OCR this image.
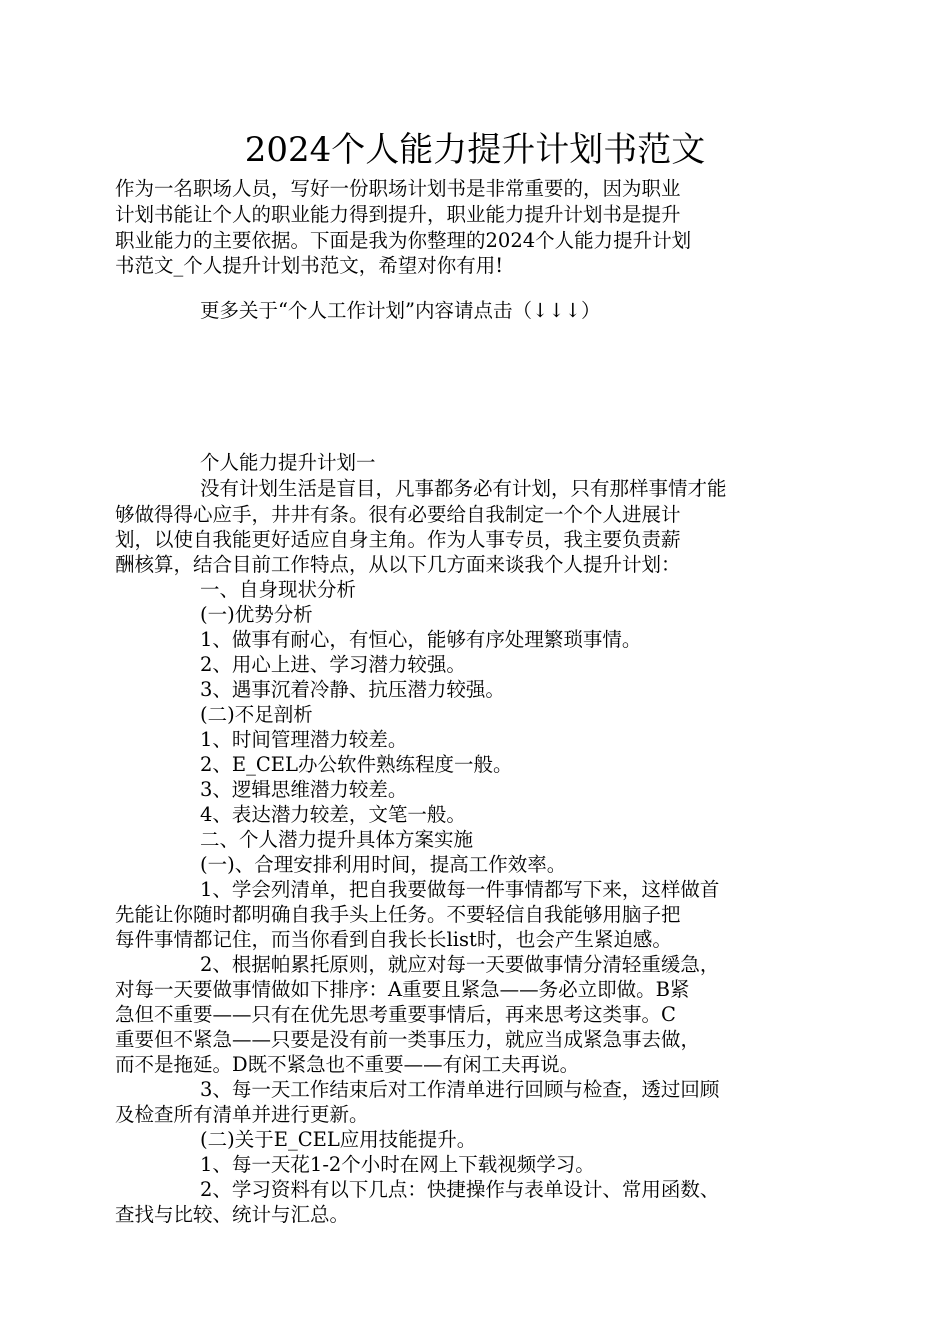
2024个人能力提升计划书范文
作为一名职场人员，写好一份职场计划书是非常重要的，因为职业
计划书能让个人的职业能力得到提升，职业能力提升计划书是提升
职业能力的主要依据。下面是我为你整理的2024个人能力提升计划
书范文_个人提升计划书范文，希望对你有用!
更多关于“个人工作计划”内容请点击（↓↓↓）
个人能力提升计划一
没有计划生活是盲目，凡事都务必有计划，只有那样事情才能
够做得得心应手，井井有条。很有必要给自我制定一个个人进展计
划，以使自我能更好适应自身主角。作为人事专员，我主要负责薪
酬核算，结合目前工作特点，从以下几方面来谈我个人提升计划：
一、自身现状分析
(一)优势分析
1、做事有耐心，有恒心，能够有序处理繁琐事情。
2、用心上进、学习潜力较强。
3、遇事沉着冷静、抗压潜力较强。
(二)不足剖析
1、时间管理潜力较差。
2、E_CEL办公软件熟练程度一般。
3、逻辑思维潜力较差。
4、表达潜力较差，文笔一般。
二、个人潜力提升具体方案实施
(一)、合理安排利用时间，提高工作效率。
1、学会列清单，把自我要做每一件事情都写下来，这样做首
先能让你随时都明确自我手头上任务。不要轻信自我能够用脑子把
每件事情都记住，而当你看到自我长长list时，也会产生紧迫感。
2、根据帕累托原则，就应对每一天要做事情分清轻重缓急，
对每一天要做事情做如下排序：A重要且紧急——务必立即做。B紧
急但不重要——只有在优先思考重要事情后，再来思考这类事。C
重要但不紧急——只要是没有前一类事压力，就应当成紧急事去做，
而不是拖延。D既不紧急也不重要——有闲工夫再说。
3、每一天工作结束后对工作清单进行回顾与检查，透过回顾
及检查所有清单并进行更新。
(二)关于E_CEL应用技能提升。
1、每一天花1-2个小时在网上下载视频学习。
2、学习资料有以下几点：快捷操作与表单设计、常用函数、
查找与比较、统计与汇总。
